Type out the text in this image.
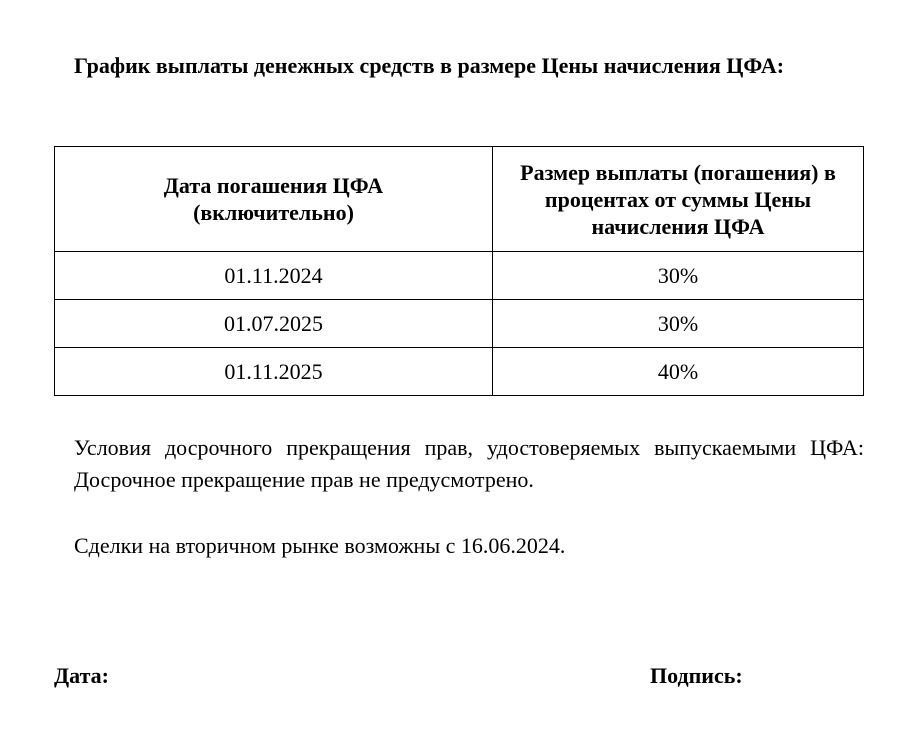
График выплаты денежных средств в размере Цены начисления ЦФА:
Дата погашения ЦФА (включительно)	Размер выплаты (погашения) в процентах от суммы Цены начисления ЦФА
01.11.2024	30%
01.07.2025	30%
01.11.2025	40%

Условия досрочного прекращения прав, удостоверяемых выпускаемыми ЦФА: Досрочное прекращение прав не предусмотрено.

Сделки на вторичном рынке возможны с 16.06.2024.

Дата:	Подпись:
